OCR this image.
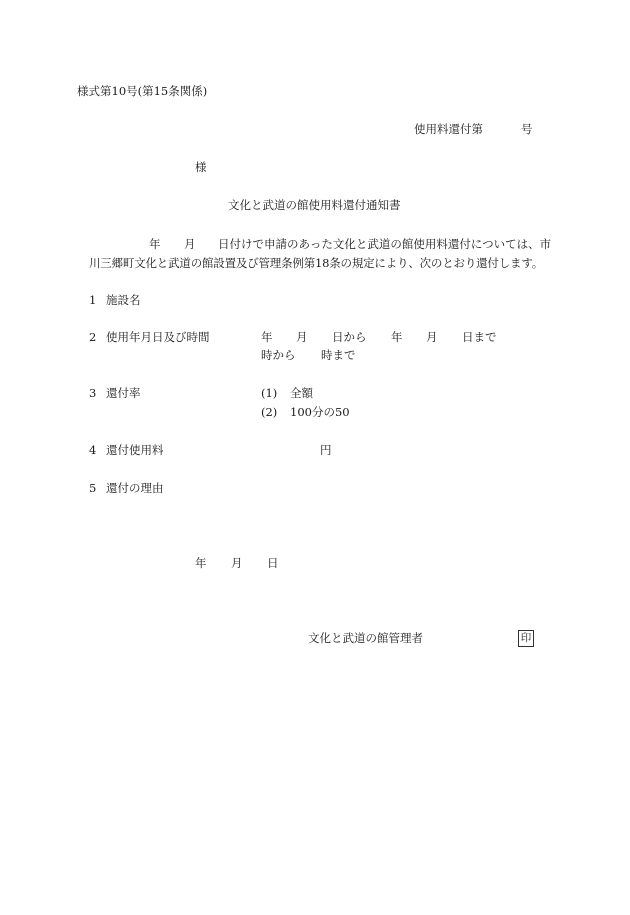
様式第10号(第15条関係)
使用料還付第	号
様
文化と武道の館使用料還付通知書
年 月 日付けで申請のあった文化と武道の館使用料還付については、市
川三郷町文化と武道の館設置及び管理条例第18条の規定により、次のとおり還付します。
1 施設名
2 使用年月日及び時間
3 還付率
4 還付使用料
5 還付の理由
年 月 日から 年 月 日まで
時から 時まで
(1) 全額
(2) 100分の50
円
年 月 日
文化と武道の館管理者	印
